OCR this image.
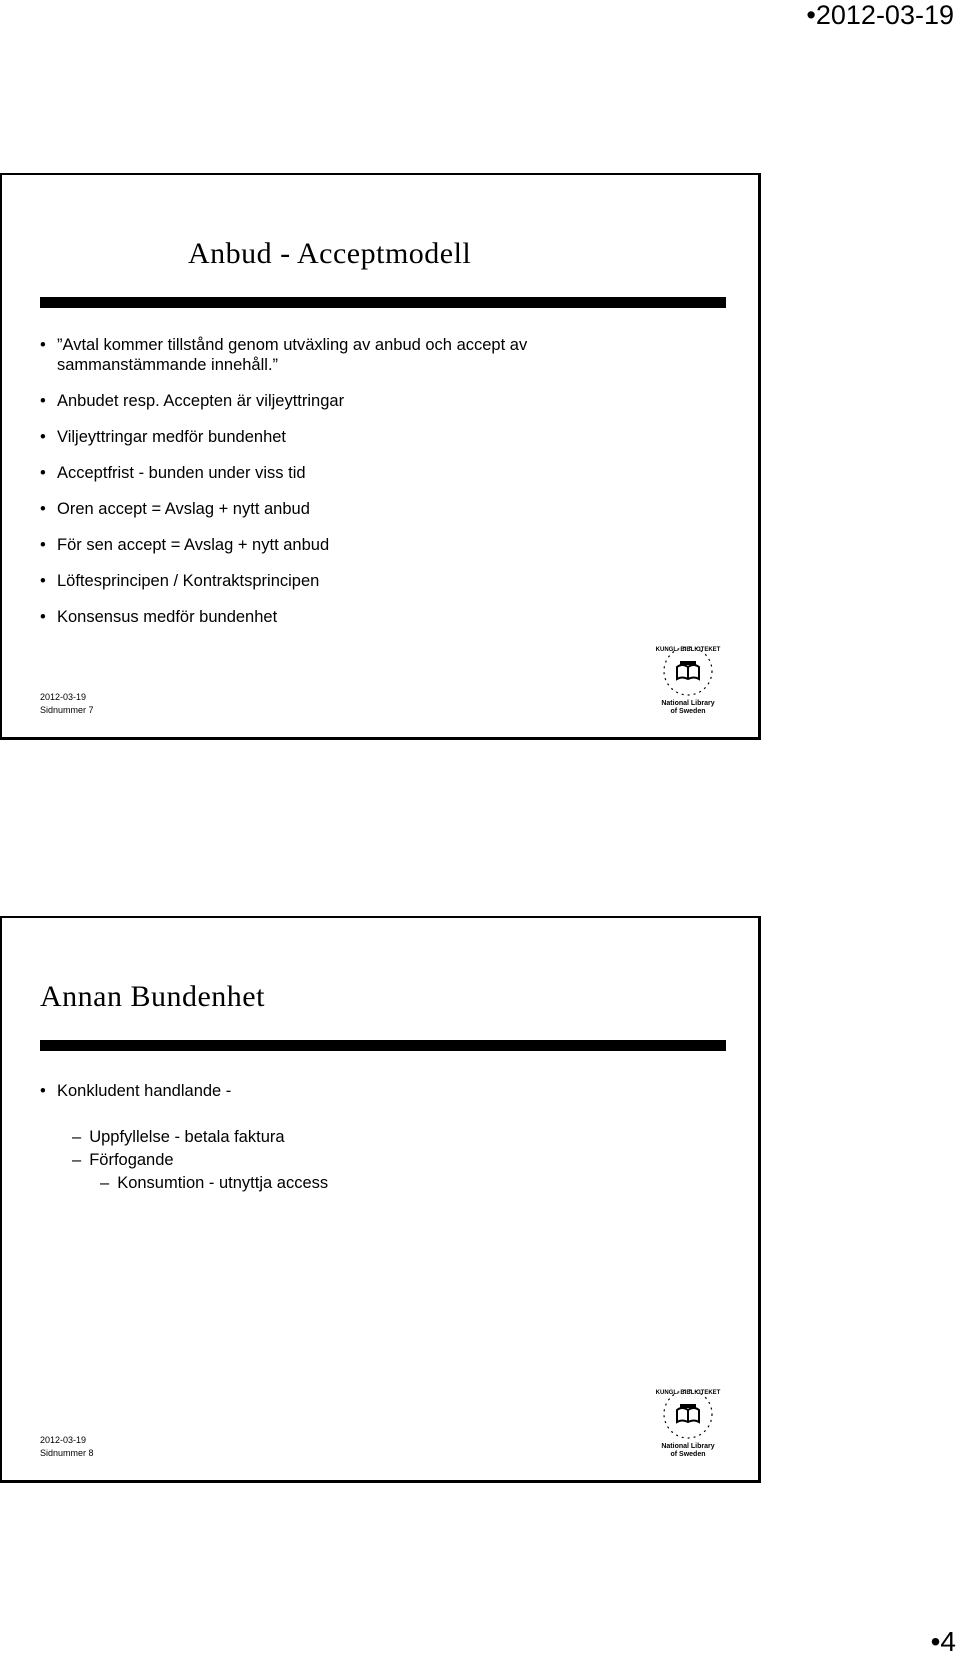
•2012-03-19
Anbud - Acceptmodell
• ”Avtal kommer tillstånd genom utväxling av anbud och accept av sammanstämmande innehåll.”
• Anbudet resp. Accepten är viljeyttringar
• Viljeyttringar medför bundenhet
• Acceptfrist - bunden under viss tid
• Oren accept = Avslag + nytt anbud
• För sen accept = Avslag + nytt anbud
• Löftesprincipen / Kontraktsprincipen
• Konsensus medför bundenhet
2012-03-19
Sidnummer 7
KUNGL. BIBLIOTEKET
National Library
of Sweden
Annan Bundenhet
• Konkludent handlande -
– Uppfyllelse - betala faktura
– Förfogande
– Konsumtion - utnyttja access
2012-03-19
Sidnummer 8
KUNGL. BIBLIOTEKET
National Library
of Sweden
•4
